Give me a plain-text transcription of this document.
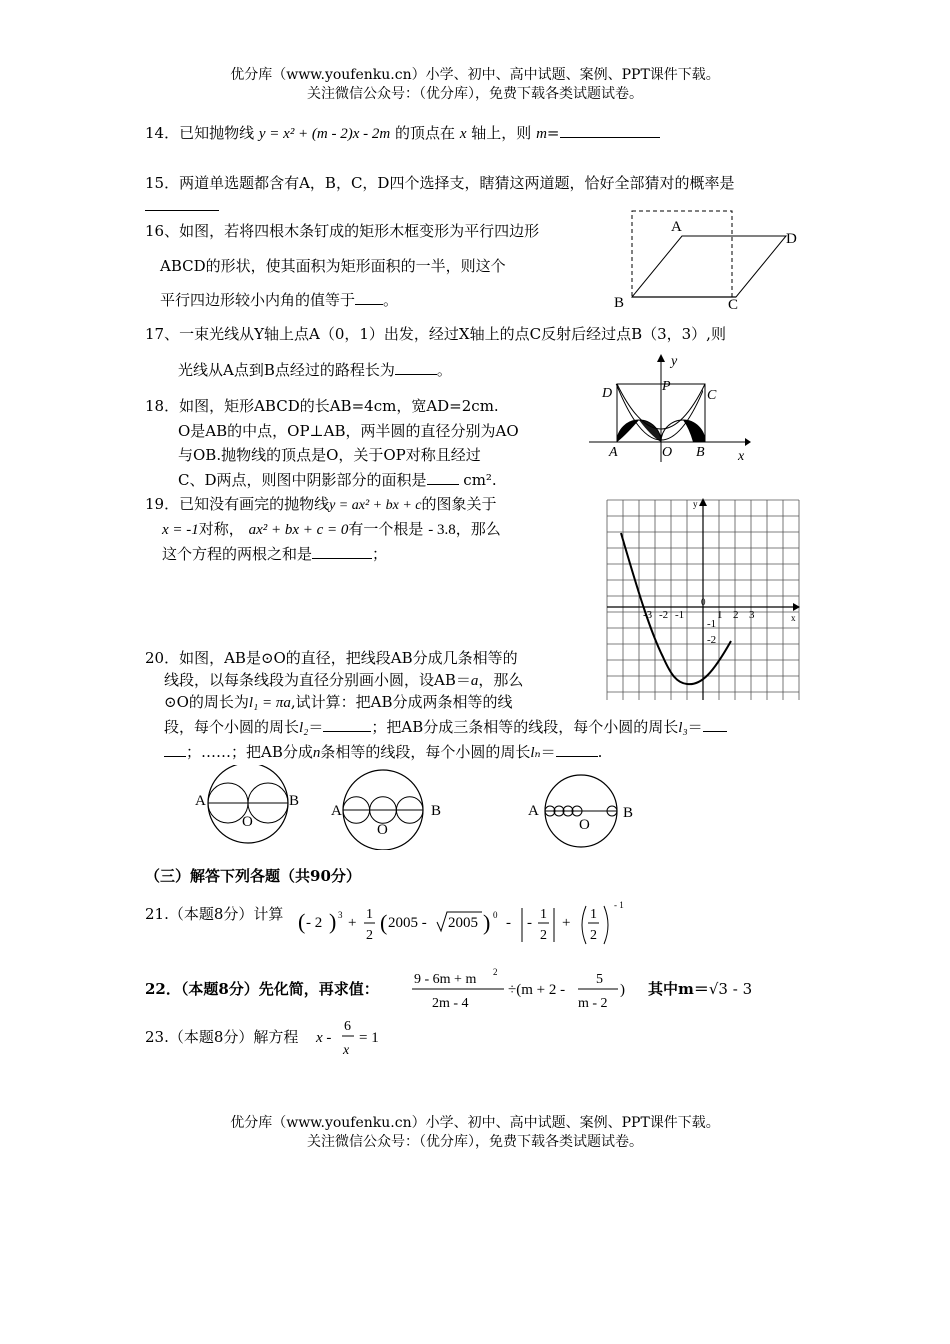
优分库（www.youfenku.cn）小学、初中、高中试题、案例、PPT课件下载。
关注微信公众号：（优分库），免费下载各类试题试卷。
14．已知抛物线 y = x² + (m - 2)x - 2m 的顶点在 x 轴上，则 m=
15．两道单选题都含有A，B，C，D四个选择支，瞎猜这两道题，恰好全部猜对的概率是
16、如图，若将四根木条钉成的矩形木框变形为平行四边形
ABCD的形状，使其面积为矩形面积的一半，则这个
平行四边形较小内角的值等于 。
A
D
B	C
17、一束光线从Y轴上点A（0，1）出发，经过X轴上的点C反射后经过点B（3，3）,则
光线从A点到B点经过的路程长为	。
D	C
P
y
A	O B x
18．如图，矩形ABCD的长AB=4cm，宽AD=2cm.
O是AB的中点，OP⊥AB，两半圆的直径分别为AO
与OB.抛物线的顶点是O，关于OP对称且经过
C、D两点，则图中阴影部分的面积是 cm².
19．已知没有画完的抛物线y = ax² + bx + c的图象关于
x = -1对称， ax² + bx + c = 0有一个根是 - 3.8，那么
这个方程的两根之和是	；
y
x
-3 -2 -1
0
1 2 3
-1
-2
20．如图，AB是⊙O的直径，把线段AB分成几条相等的
线段，以每条线段为直径分别画小圆，设AB＝a，那么
⊙O的周长为l₁ = πa,试计算：把AB分成两条相等的线
段，每个小圆的周长l₂＝	；把AB分成三条相等的线段，每个小圆的周长l₃＝
；……；把AB分成n条相等的线段，每个小圆的周长lₙ＝	.
A	B
O
A	B
O
A	B
O
（三）解答下列各题（共90分）
21.（本题8分）计算 ( - 2 ) 3 +
1
2
( 2005 - 2005 ) 0 - -
1
2
+
1
2
- 1
22．（本题8分）先化简，再求值：
9 - 6m + m 2
2m - 4
÷(m + 2 -
5
m - 2
) 其中m＝√3 - 3
23.（本题8分）解方程 x -
6
x
= 1
优分库（www.youfenku.cn）小学、初中、高中试题、案例、PPT课件下载。
关注微信公众号：（优分库），免费下载各类试题试卷。
